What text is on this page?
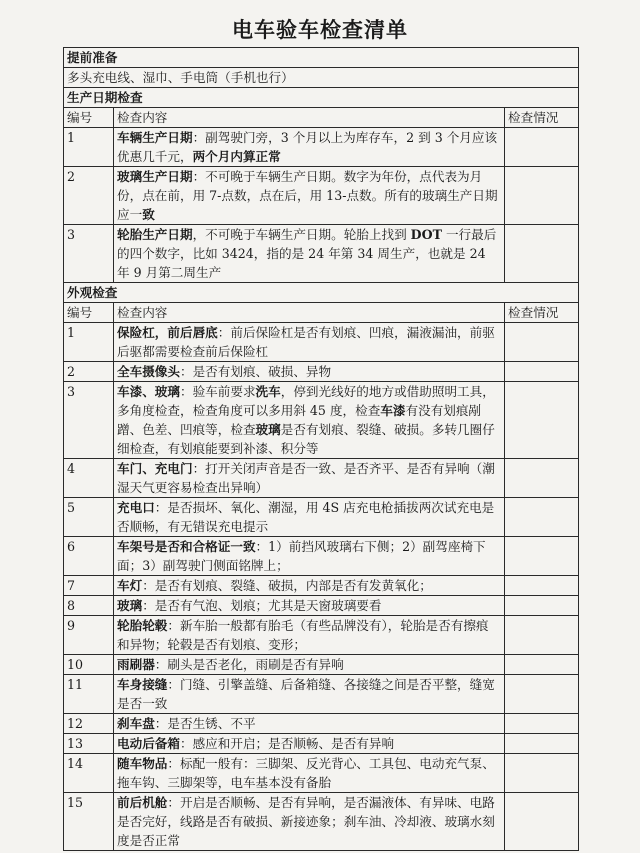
电车验车检查清单
提前准备		
多头充电线、湿巾、手电筒（手机也行）		
生产日期检查		
编号	检查内容	检查情况
1	车辆生产日期：副驾驶门旁，3 个月以上为库存车，2 到 3 个月应该优惠几千元，两个月内算正常	
2	玻璃生产日期：不可晚于车辆生产日期。数字为年份，点代表为月份，点在前，用 7-点数，点在后，用 13-点数。所有的玻璃生产日期应一致	
3	轮胎生产日期，不可晚于车辆生产日期。轮胎上找到 DOT 一行最后的四个数字，比如 3424，指的是 24 年第 34 周生产，也就是 24 年 9 月第二周生产	
外观检查		
编号	检查内容	检查情况
1	保险杠，前后唇底：前后保险杠是否有划痕、凹痕，漏液漏油，前驱后驱都需要检查前后保险杠	
2	全车摄像头：是否有划痕、破损、异物	
3	车漆、玻璃：验车前要求洗车，停到光线好的地方或借助照明工具，多角度检查，检查角度可以多用斜 45 度，检查车漆有没有划痕剐蹭、色差、凹痕等，检查玻璃是否有划痕、裂缝、破损。多转几圈仔细检查，有划痕能要到补漆、积分等	
4	车门、充电门：打开关闭声音是否一致、是否齐平、是否有异响（潮湿天气更容易检查出异响）	
5	充电口：是否损坏、氧化、潮湿，用 4S 店充电枪插拔两次试充电是否顺畅，有无错误充电提示	
6	车架号是否和合格证一致：1）前挡风玻璃右下侧；2）副驾座椅下面；3）副驾驶门侧面铭牌上；	
7	车灯：是否有划痕、裂缝、破损，内部是否有发黄氧化；	
8	玻璃：是否有气泡、划痕；尤其是天窗玻璃要看	
9	轮胎轮毂：新车胎一般都有胎毛（有些品牌没有），轮胎是否有擦痕和异物；轮毂是否有划痕、变形；	
10	雨刷器：刷头是否老化，雨刷是否有异响	
11	车身接缝：门缝、引擎盖缝、后备箱缝、各接缝之间是否平整，缝宽是否一致	
12	刹车盘：是否生锈、不平	
13	电动后备箱：感应和开启；是否顺畅、是否有异响	
14	随车物品：标配一般有：三脚架、反光背心、工具包、电动充气泵、拖车钩、三脚架等，电车基本没有备胎	
15	前后机舱：开启是否顺畅、是否有异响，是否漏液体、有异味、电路是否完好，线路是否有破损、新接迹象；刹车油、冷却液、玻璃水刻度是否正常	
